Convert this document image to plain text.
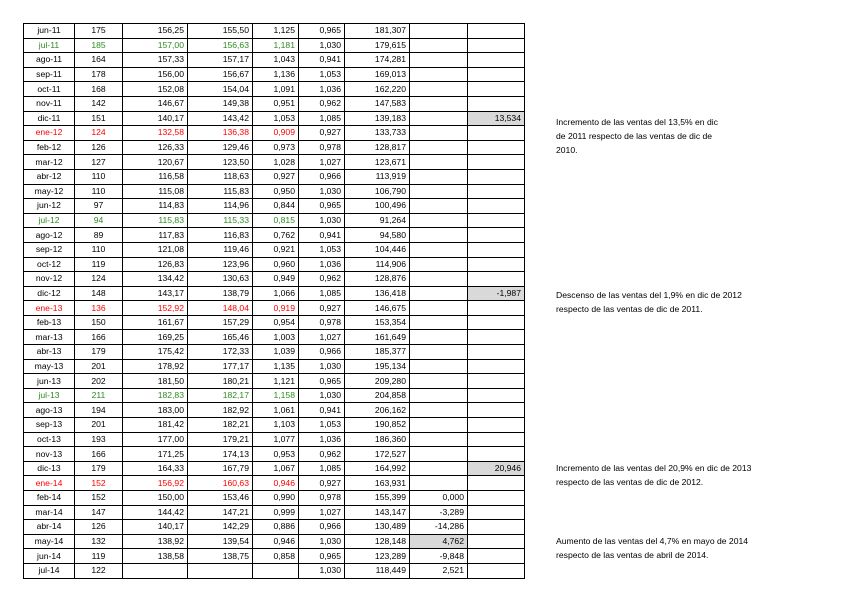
jun-11	175	156,25	155,50	1,125	0,965	181,307		
jul-11	185	157,00	156,63	1,181	1,030	179,615		
ago-11	164	157,33	157,17	1,043	0,941	174,281		
sep-11	178	156,00	156,67	1,136	1,053	169,013		
oct-11	168	152,08	154,04	1,091	1,036	162,220		
nov-11	142	146,67	149,38	0,951	0,962	147,583		
dic-11	151	140,17	143,42	1,053	1,085	139,183		13,534
ene-12	124	132,58	136,38	0,909	0,927	133,733		
feb-12	126	126,33	129,46	0,973	0,978	128,817		
mar-12	127	120,67	123,50	1,028	1,027	123,671		
abr-12	110	116,58	118,63	0,927	0,966	113,919		
may-12	110	115,08	115,83	0,950	1,030	106,790		
jun-12	97	114,83	114,96	0,844	0,965	100,496		
jul-12	94	115,83	115,33	0,815	1,030	91,264		
ago-12	89	117,83	116,83	0,762	0,941	94,580		
sep-12	110	121,08	119,46	0,921	1,053	104,446		
oct-12	119	126,83	123,96	0,960	1,036	114,906		
nov-12	124	134,42	130,63	0,949	0,962	128,876		
dic-12	148	143,17	138,79	1,066	1,085	136,418		-1,987
ene-13	136	152,92	148,04	0,919	0,927	146,675		
feb-13	150	161,67	157,29	0,954	0,978	153,354		
mar-13	166	169,25	165,46	1,003	1,027	161,649		
abr-13	179	175,42	172,33	1,039	0,966	185,377		
may-13	201	178,92	177,17	1,135	1,030	195,134		
jun-13	202	181,50	180,21	1,121	0,965	209,280		
jul-13	211	182,83	182,17	1,158	1,030	204,858		
ago-13	194	183,00	182,92	1,061	0,941	206,162		
sep-13	201	181,42	182,21	1,103	1,053	190,852		
oct-13	193	177,00	179,21	1,077	1,036	186,360		
nov-13	166	171,25	174,13	0,953	0,962	172,527		
dic-13	179	164,33	167,79	1,067	1,085	164,992		20,946
ene-14	152	156,92	160,63	0,946	0,927	163,931		
feb-14	152	150,00	153,46	0,990	0,978	155,399	0,000	
mar-14	147	144,42	147,21	0,999	1,027	143,147	-3,289	
abr-14	126	140,17	142,29	0,886	0,966	130,489	-14,286	
may-14	132	138,92	139,54	0,946	1,030	128,148	4,762	
jun-14	119	138,58	138,75	0,858	0,965	123,289	-9,848	
jul-14	122				1,030	118,449	2,521	
Incremento de las ventas del 13,5% en dic
de 2011 respecto de las ventas de dic de
2010.
Descenso de las ventas del 1,9% en dic de 2012
respecto de las ventas de dic de 2011.
Incremento de las ventas del 20,9% en dic de 2013
respecto de las ventas de dic de 2012.
Aumento de las ventas del 4,7% en mayo de 2014
respecto de las ventas de abril de 2014.
